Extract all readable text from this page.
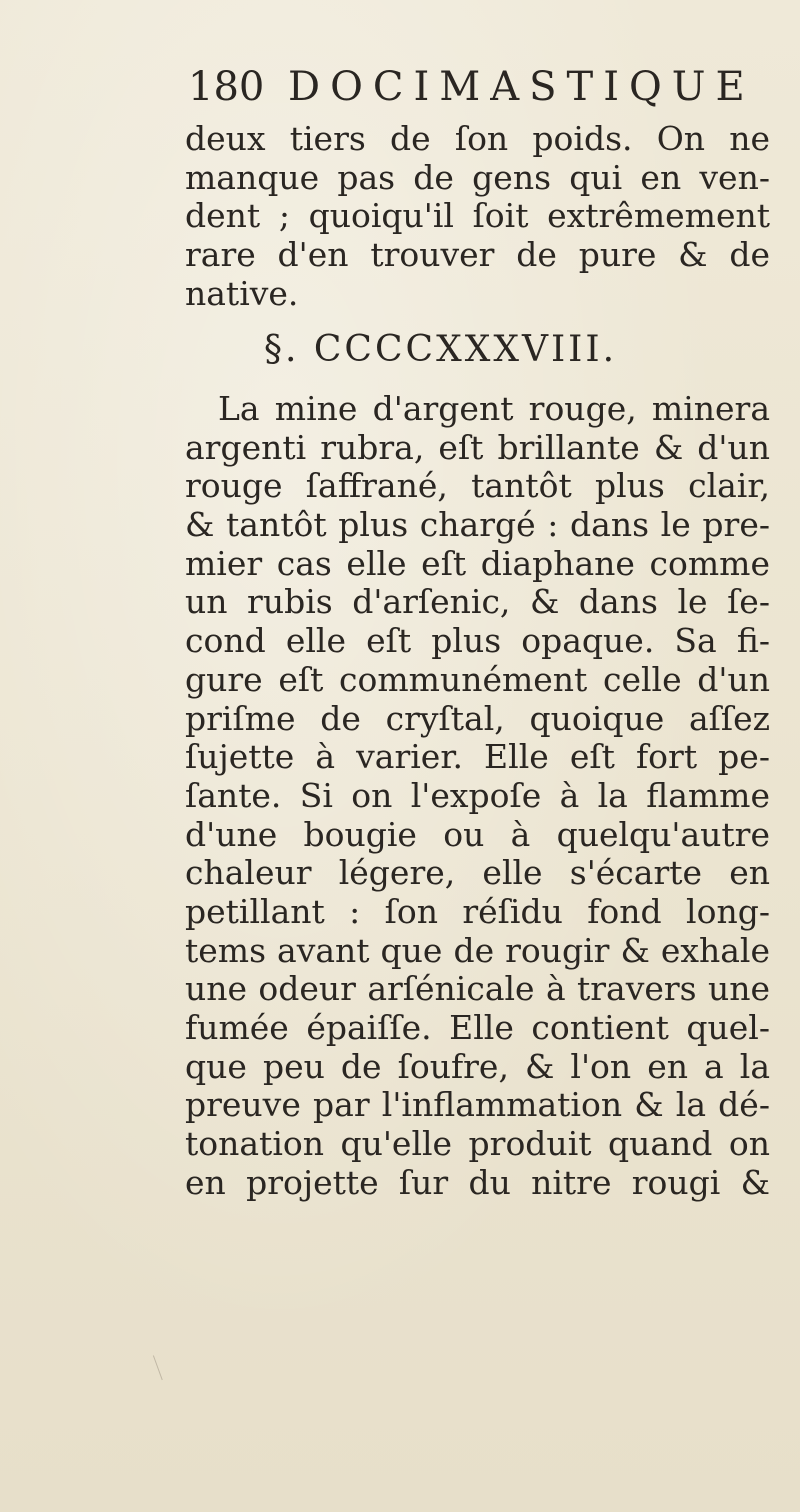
180 DOCIMASTIQUE
deux tiers de ſon poids. On ne
manque pas de gens qui en ven-
dent ; quoiqu'il ſoit extrêmement
rare d'en trouver de pure & de
native.
§. CCCCXXXVIII.
La mine d'argent rouge, minera
argenti rubra, eſt brillante & d'un
rouge ſaffrané, tantôt plus clair,
& tantôt plus chargé : dans le pre-
mier cas elle eſt diaphane comme
un rubis d'arſenic, & dans le ſe-
cond elle eſt plus opaque. Sa fi-
gure eſt communément celle d'un
priſme de cryſtal, quoique aſſez
ſujette à varier. Elle eſt fort pe-
ſante. Si on l'expoſe à la flamme
d'une bougie ou à quelqu'autre
chaleur légere, elle s'écarte en
petillant : ſon réſidu fond long-
tems avant que de rougir & exhale
une odeur arſénicale à travers une
fumée épaiſſe. Elle contient quel-
que peu de ſoufre, & l'on en a la
preuve par l'inflammation & la dé-
tonation qu'elle produit quand on
en projette ſur du nitre rougi &
